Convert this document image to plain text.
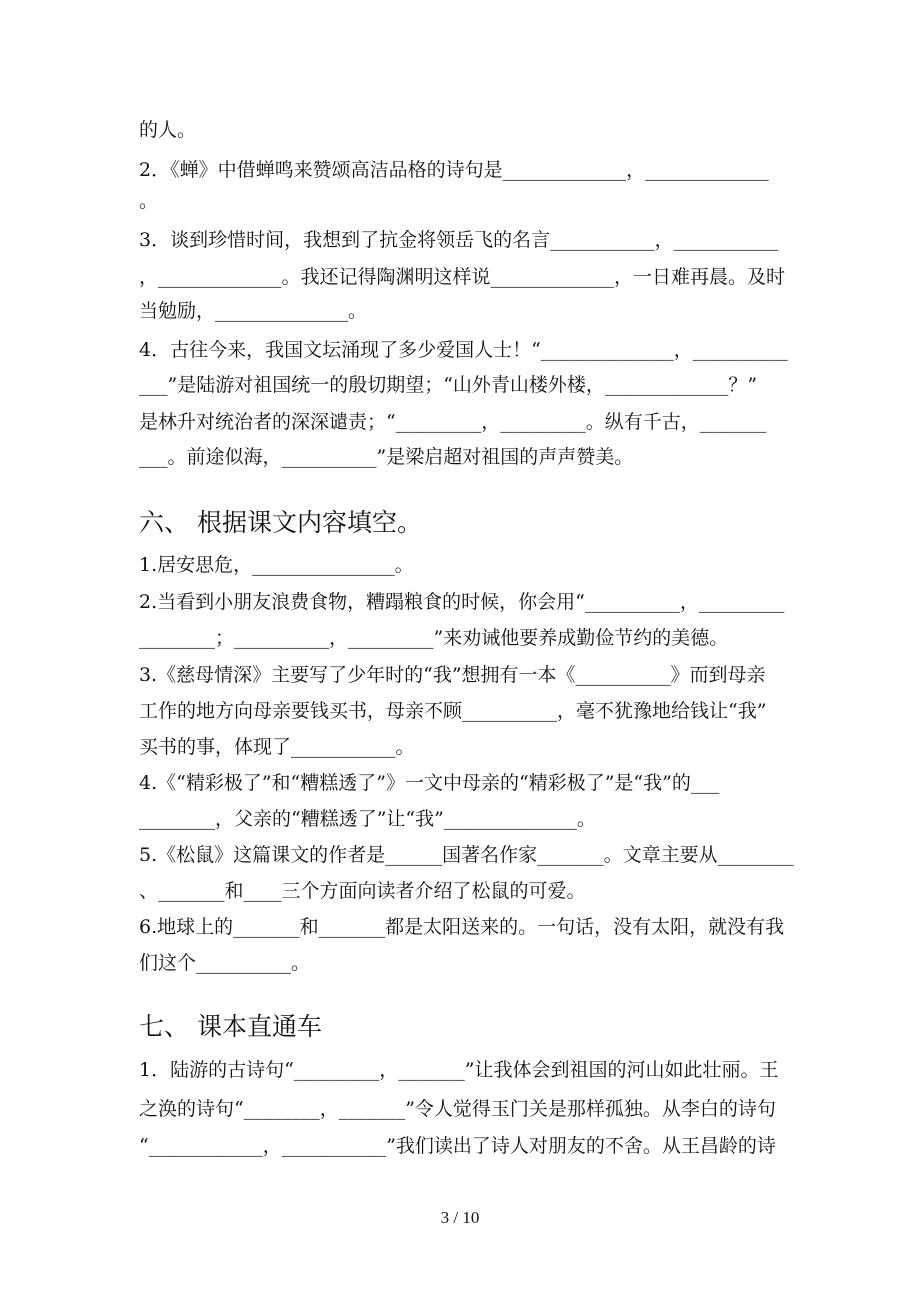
的人。
2．《蝉》中借蝉鸣来赞颂高洁品格的诗句是_____________，_____________
。
3．谈到珍惜时间，我想到了抗金将领岳飞的名言___________，___________
，_____________。我还记得陶渊明这样说_____________，一日难再晨。及时
当勉励，______________。
4．古往今来，我国文坛涌现了多少爱国人士！“______________，__________
___”是陆游对祖国统一的殷切期望；“山外青山楼外楼，_____________？”
是林升对统治者的深深谴责；“_________，_________。纵有千古，_______
___。前途似海，__________”是梁启超对祖国的声声赞美。
六、 根据课文内容填空。
1.居安思危，_______________。
2.当看到小朋友浪费食物，糟蹋粮食的时候，你会用“__________，_________
________；__________，_________”来劝诫他要养成勤俭节约的美德。
3.《慈母情深》主要写了少年时的“我”想拥有一本《__________》而到母亲
工作的地方向母亲要钱买书，母亲不顾__________，毫不犹豫地给钱让“我”
买书的事，体现了___________。
4.《“精彩极了”和“糟糕透了”》一文中母亲的“精彩极了”是“我”的___
________，父亲的“糟糕透了”让“我”______________。
5.《松鼠》这篇课文的作者是______国著名作家_______。文章主要从________
、_______和____三个方面向读者介绍了松鼠的可爱。
6.地球上的_______和_______都是太阳送来的。一句话，没有太阳，就没有我
们这个__________。
七、 课本直通车
1．陆游的古诗句“_________，_______”让我体会到祖国的河山如此壮丽。王
之涣的诗句“________，_______”令人觉得玉门关是那样孤独。从李白的诗句
“____________，___________”我们读出了诗人对朋友的不舍。从王昌龄的诗
3 / 10
